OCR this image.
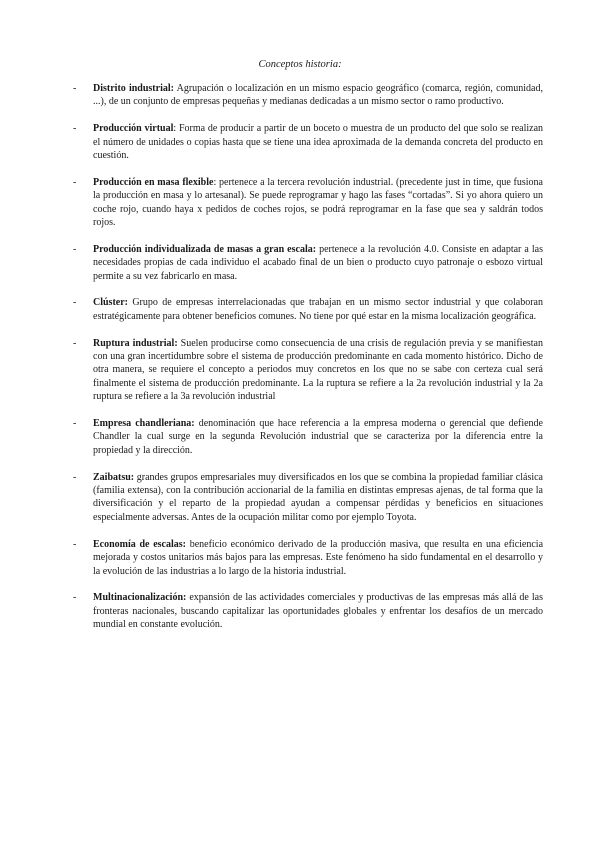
Conceptos historia:

- Distrito industrial: Agrupación o localización en un mismo espacio geográfico (comarca, región, comunidad, ...), de un conjunto de empresas pequeñas y medianas dedicadas a un mismo sector o ramo productivo.
- Producción virtual: Forma de producir a partir de un boceto o muestra de un producto del que solo se realizan el número de unidades o copias hasta que se tiene una idea aproximada de la demanda concreta del producto en cuestión.
- Producción en masa flexible: pertenece a la tercera revolución industrial. (precedente just in time, que fusiona la producción en masa y lo artesanal). Se puede reprogramar y hago las fases “cortadas”. Si yo ahora quiero un coche rojo, cuando haya x pedidos de coches rojos, se podrá reprogramar en la fase que sea y saldrán todos rojos.
- Producción individualizada de masas a gran escala: pertenece a la revolución 4.0. Consiste en adaptar a las necesidades propias de cada individuo el acabado final de un bien o producto cuyo patronaje o esbozo virtual permite a su vez fabricarlo en masa.
- Clúster: Grupo de empresas interrelacionadas que trabajan en un mismo sector industrial y que colaboran estratégicamente para obtener beneficios comunes. No tiene por qué estar en la misma localización geográfica.
- Ruptura industrial: Suelen producirse como consecuencia de una crisis de regulación previa y se manifiestan con una gran incertidumbre sobre el sistema de producción predominante en cada momento histórico. Dicho de otra manera, se requiere el concepto a periodos muy concretos en los que no se sabe con certeza cual será finalmente el sistema de producción predominante. La la ruptura se refiere a la 2a revolución industrial y la 2a ruptura se refiere a la 3a revolución industrial
- Empresa chandleriana: denominación que hace referencia a la empresa moderna o gerencial que defiende Chandler la cual surge en la segunda Revolución industrial que se caracteriza por la diferencia entre la propiedad y la dirección.
- Zaibatsu: grandes grupos empresariales muy diversificados en los que se combina la propiedad familiar clásica (familia extensa), con la contribución accionarial de la familia en distintas empresas ajenas, de tal forma que la diversificación y el reparto de la propiedad ayudan a compensar pérdidas y beneficios en situaciones especialmente adversas. Antes de la ocupación militar como por ejemplo Toyota.
- Economía de escalas: beneficio económico derivado de la producción masiva, que resulta en una eficiencia mejorada y costos unitarios más bajos para las empresas. Este fenómeno ha sido fundamental en el desarrollo y la evolución de las industrias a lo largo de la historia industrial.
- Multinacionalización: expansión de las actividades comerciales y productivas de las empresas más allá de las fronteras nacionales, buscando capitalizar las oportunidades globales y enfrentar los desafíos de un mercado mundial en constante evolución.
